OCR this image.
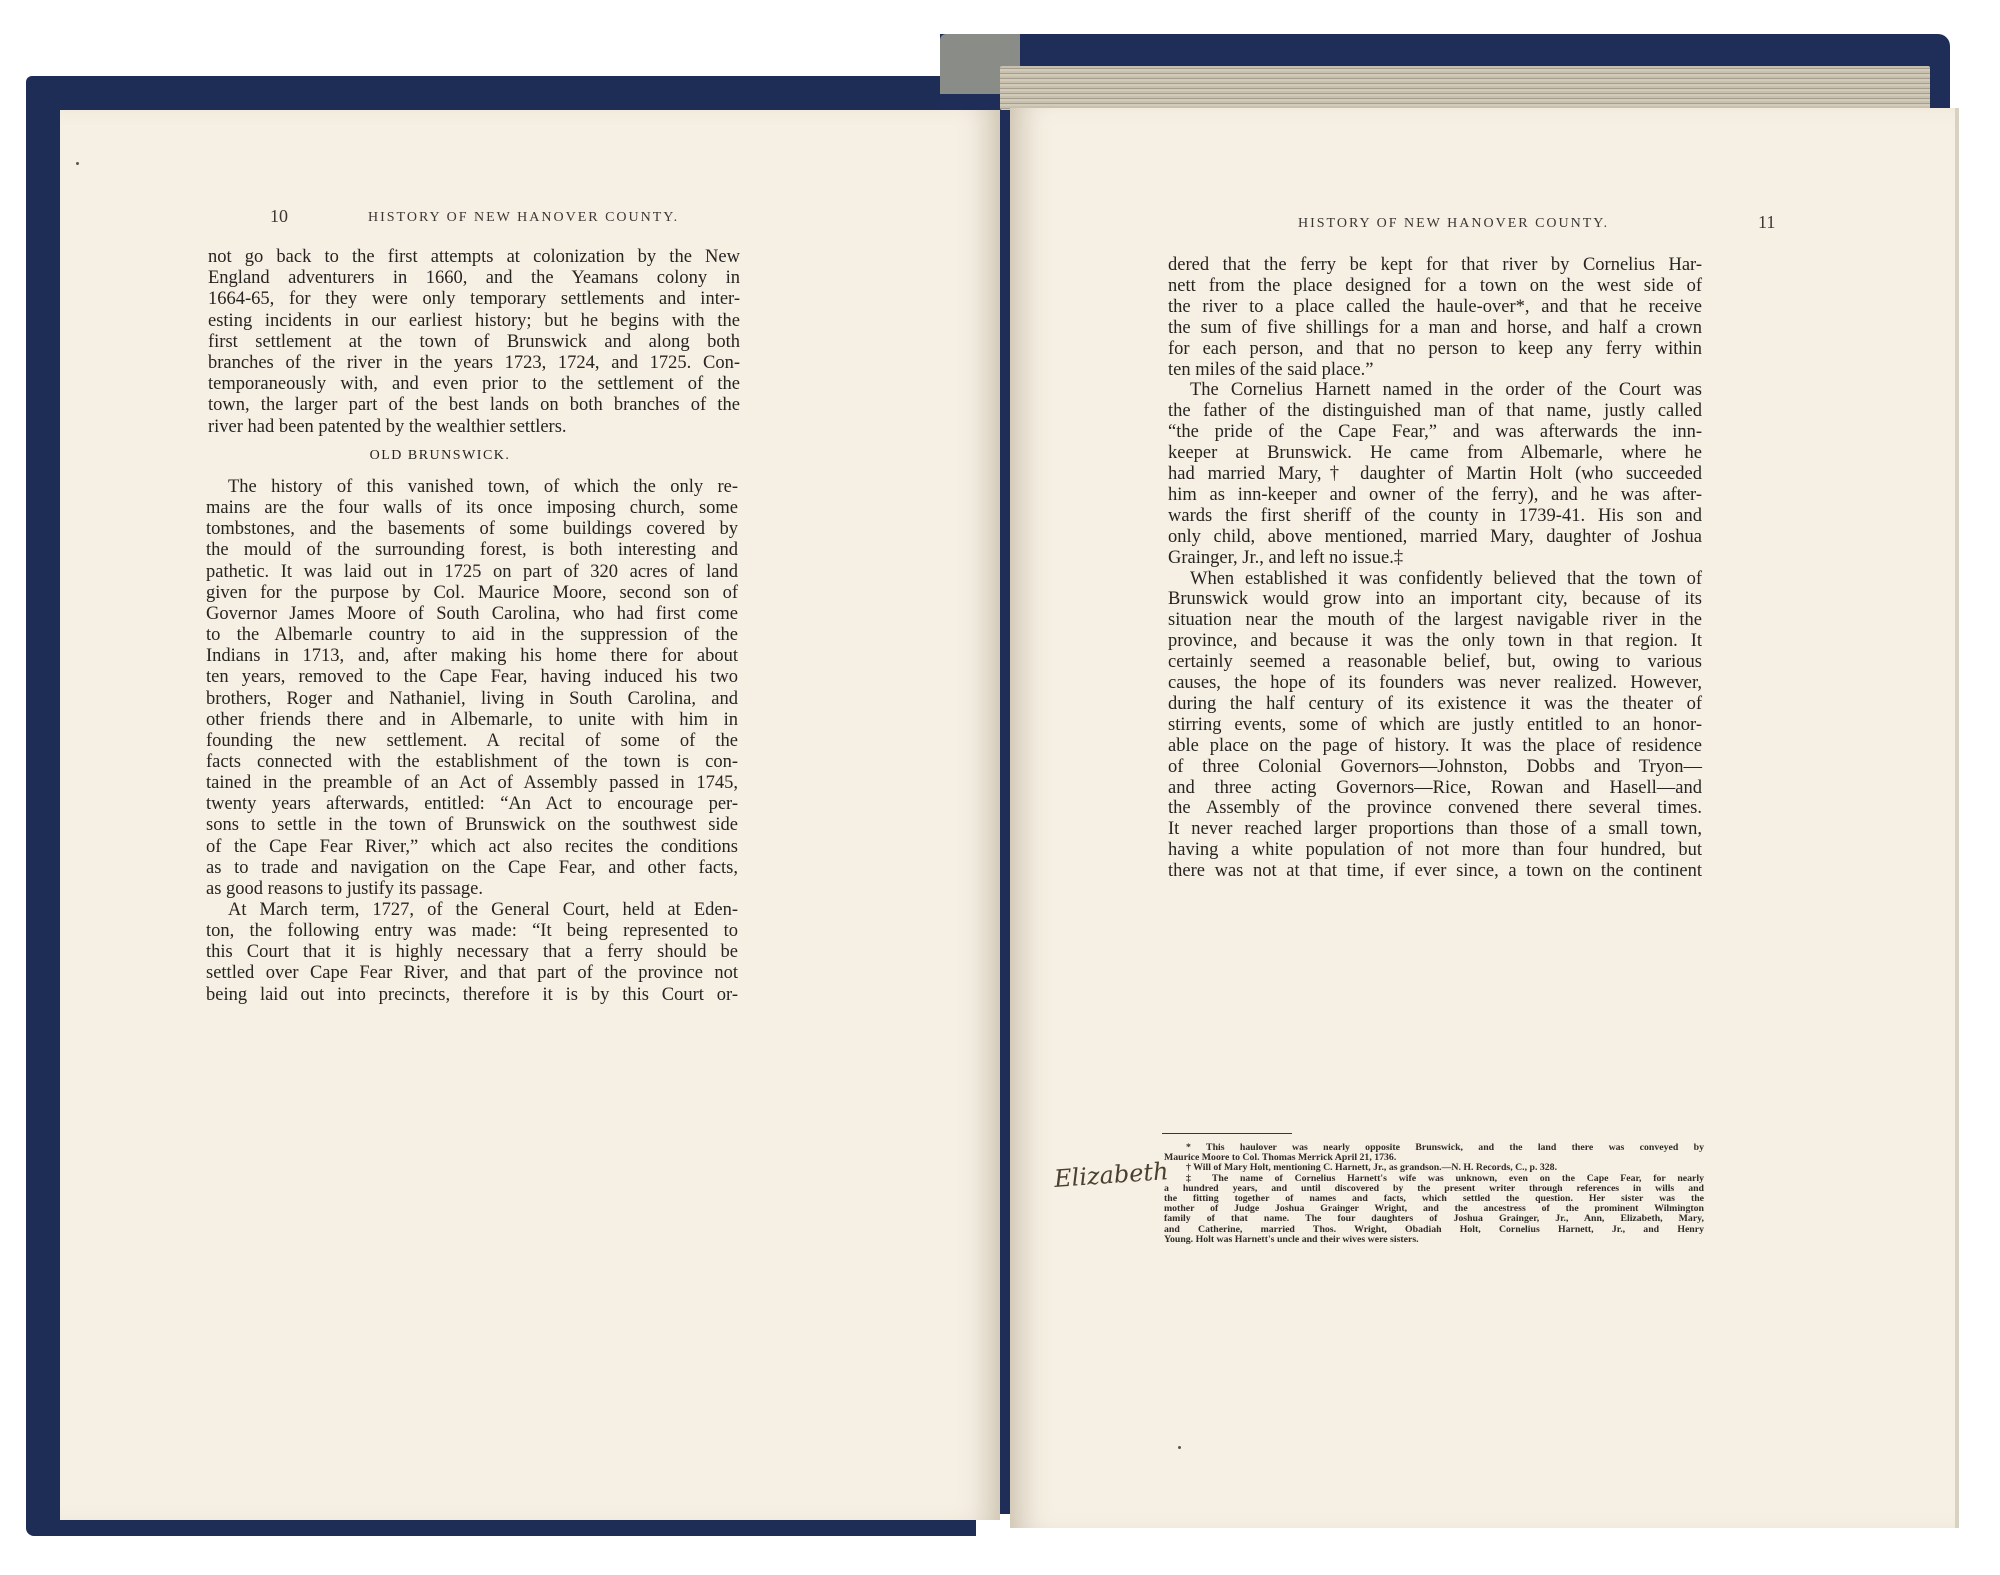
10	HISTORY OF NEW HANOVER COUNTY.
not go back to the first attempts at colonization by the New
England adventurers in 1660, and the Yeamans colony in
1664-65, for they were only temporary settlements and inter-
esting incidents in our earliest history; but he begins with the
first settlement at the town of Brunswick and along both
branches of the river in the years 1723, 1724, and 1725. Con-
temporaneously with, and even prior to the settlement of the
town, the larger part of the best lands on both branches of the
river had been patented by the wealthier settlers.
OLD BRUNSWICK.
The history of this vanished town, of which the only re-
mains are the four walls of its once imposing church, some
tombstones, and the basements of some buildings covered by
the mould of the surrounding forest, is both interesting and
pathetic. It was laid out in 1725 on part of 320 acres of land
given for the purpose by Col. Maurice Moore, second son of
Governor James Moore of South Carolina, who had first come
to the Albemarle country to aid in the suppression of the
Indians in 1713, and, after making his home there for about
ten years, removed to the Cape Fear, having induced his two
brothers, Roger and Nathaniel, living in South Carolina, and
other friends there and in Albemarle, to unite with him in
founding the new settlement. A recital of some of the
facts connected with the establishment of the town is con-
tained in the preamble of an Act of Assembly passed in 1745,
twenty years afterwards, entitled: “An Act to encourage per-
sons to settle in the town of Brunswick on the southwest side
of the Cape Fear River,” which act also recites the conditions
as to trade and navigation on the Cape Fear, and other facts,
as good reasons to justify its passage.
At March term, 1727, of the General Court, held at Eden-
ton, the following entry was made: “It being represented to
this Court that it is highly necessary that a ferry should be
settled over Cape Fear River, and that part of the province not
being laid out into precincts, therefore it is by this Court or-
HISTORY OF NEW HANOVER COUNTY.	11
dered that the ferry be kept for that river by Cornelius Har-
nett from the place designed for a town on the west side of
the river to a place called the haule-over*, and that he receive
the sum of five shillings for a man and horse, and half a crown
for each person, and that no person to keep any ferry within
ten miles of the said place.”
The Cornelius Harnett named in the order of the Court was
the father of the distinguished man of that name, justly called
“the pride of the Cape Fear,” and was afterwards the inn-
keeper at Brunswick. He came from Albemarle, where he
had married Mary,† daughter of Martin Holt (who succeeded
him as inn-keeper and owner of the ferry), and he was after-
wards the first sheriff of the county in 1739-41. His son and
only child, above mentioned, married Mary, daughter of Joshua
Grainger, Jr., and left no issue.‡
When established it was confidently believed that the town of
Brunswick would grow into an important city, because of its
situation near the mouth of the largest navigable river in the
province, and because it was the only town in that region. It
certainly seemed a reasonable belief, but, owing to various
causes, the hope of its founders was never realized. However,
during the half century of its existence it was the theater of
stirring events, some of which are justly entitled to an honor-
able place on the page of history. It was the place of residence
of three Colonial Governors—Johnston, Dobbs and Tryon—
and three acting Governors—Rice, Rowan and Hasell—and
the Assembly of the province convened there several times.
It never reached larger proportions than those of a small town,
having a white population of not more than four hundred, but
there was not at that time, if ever since, a town on the continent
* This haulover was nearly opposite Brunswick, and the land there was conveyed by
Maurice Moore to Col. Thomas Merrick April 21, 1736.
† Will of Mary Holt, mentioning C. Harnett, Jr., as grandson.—N. H. Records, C., p. 328.
‡ The name of Cornelius Harnett's wife was unknown, even on the Cape Fear, for nearly
a hundred years, and until discovered by the present writer through references in wills and
the fitting together of names and facts, which settled the question. Her sister was the
mother of Judge Joshua Grainger Wright, and the ancestress of the prominent Wilmington
family of that name. The four daughters of Joshua Grainger, Jr., Ann, Elizabeth, Mary,
and Catherine, married Thos. Wright, Obadiah Holt, Cornelius Harnett, Jr., and Henry
Young. Holt was Harnett's uncle and their wives were sisters.
Elizabeth
